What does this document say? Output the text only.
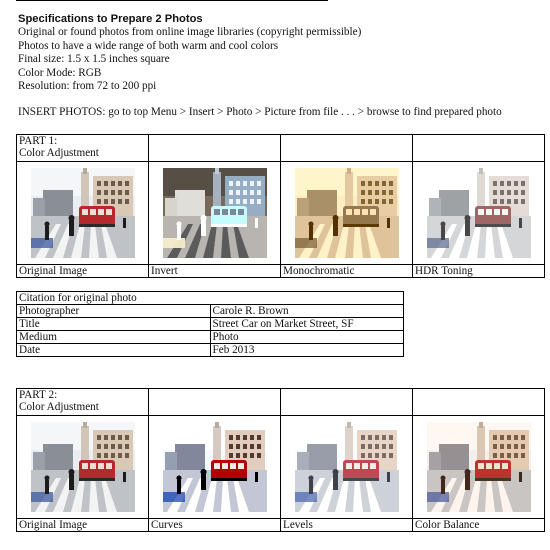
Specifications to Prepare 2 Photos
Original or found photos from online image libraries (copyright permissible)
Photos to have a wide range of both warm and cool colors
Final size: 1.5 x 1.5 inches square
Color Mode: RGB
Resolution: from 72 to 200 ppi
INSERT PHOTOS: go to top Menu > Insert > Photo > Picture from file . . . > browse to find prepared photo
PART 1:
Color Adjustment			

Original Image	Invert	Monochromatic	HDR Toning
Citation for original photo	
Photographer	Carole R. Brown
Title	Street Car on Market Street, SF
Medium	Photo
Date	Feb 2013
PART 2:
Color Adjustment			

Original Image	Curves	Levels	Color Balance
